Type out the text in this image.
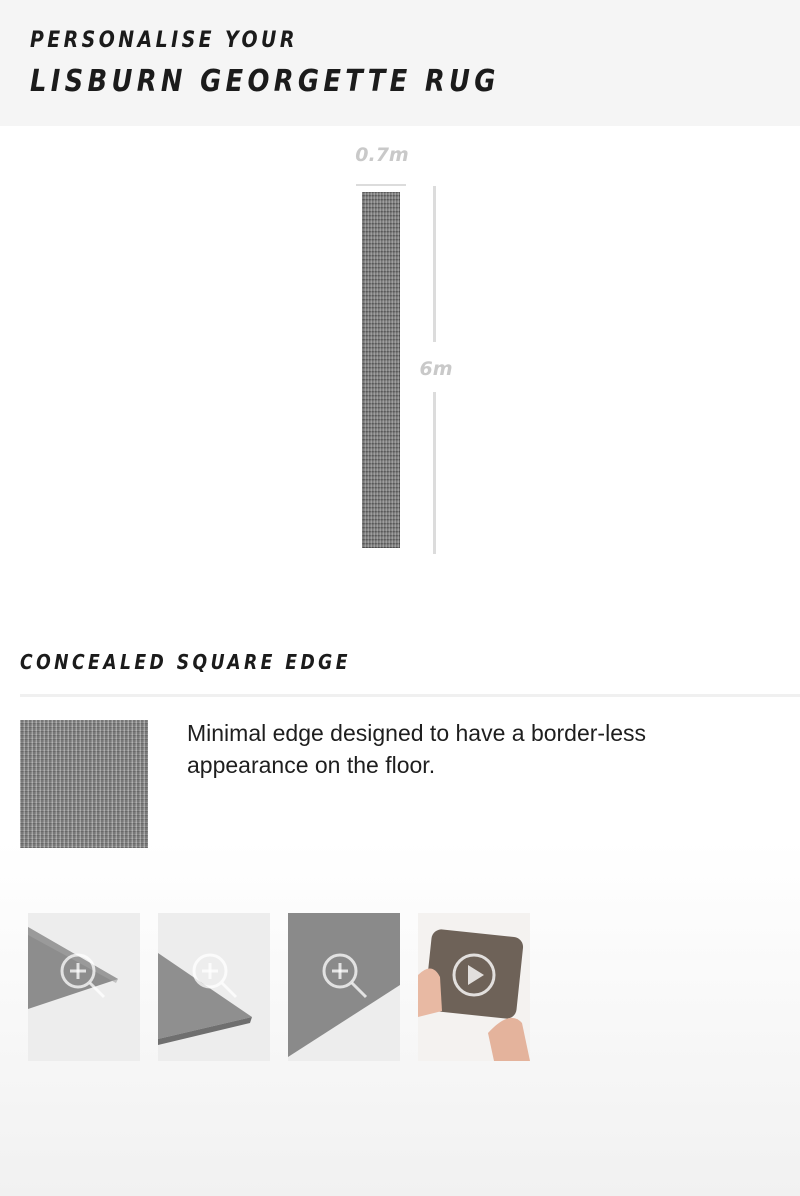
PERSONALISE YOUR
LISBURN GEORGETTE RUG
0.7m
6m
CONCEALED SQUARE EDGE
Minimal edge designed to have a border-less appearance on the floor.
